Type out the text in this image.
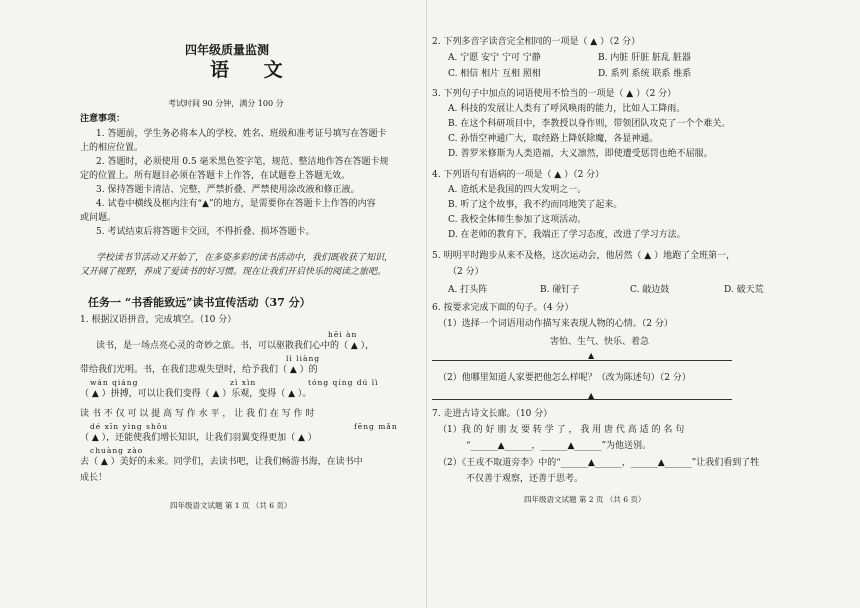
四年级质量监测
语 文
考试时间 90 分钟，满分 100 分
注意事项：
1. 答题前，学生务必将本人的学校、姓名、班级和准考证号填写在答题卡
上的相应位置。
2. 答题时，必须使用 0.5 毫米黑色签字笔，规范、整洁地作答在答题卡规
定的位置上。所有题目必须在答题卡上作答，在试题卷上答题无效。
3. 保持答题卡清洁、完整，严禁折叠、严禁使用涂改液和修正液。
4. 试卷中横线及框内注有“▲”的地方，是需要你在答题卡上作答的内容
或问题。
5. 考试结束后将答题卡交回，不得折叠、损坏答题卡。
学校读书节活动又开始了，在多姿多彩的读书活动中，我们既收获了知识，
又开阔了视野，养成了爱读书的好习惯。现在让我们开启快乐的阅读之旅吧。
任务一 “书香能致远”读书宣传活动（37 分）
1. 根据汉语拼音，完成填空。（10 分）
hēi àn
读书，是一场点亮心灵的奇妙之旅。书，可以驱散我们心中的（ ▲ ），
lì liàng
带给我们光明。书，在我们悲观失望时，给予我们（ ▲ ）的
wán qiáng	zì xìn	tóng qíng dú lì
（ ▲ ）拼搏，可以让我们变得（ ▲ ）乐观，变得（ ▲ ）。
读 书 不 仅 可 以 提 高 写 作 水 平 ， 让 我 们 在 写 作 时
dé xīn yìng shǒu	fēng mǎn
（ ▲ ），还能使我们增长知识，让我们羽翼变得更加（ ▲ ）
chuàng zào
去（ ▲ ）美好的未来。同学们，去读书吧，让我们畅游书海，在读书中
成长！
四年级语文试题 第 1 页 （共 6 页）
2. 下列多音字读音完全相同的一项是（ ▲ ）（2 分）
A. 宁愿 安宁 宁可 宁静	B. 内脏 肝脏 脏乱 脏器
C. 相信 相片 互相 照相	D. 系列 系统 联系 维系
3. 下列句子中加点的词语使用不恰当的一项是（ ▲ ）（2 分）
A. 科技的发展让人类有了呼风唤雨的能力，比如人工降雨。
B. 在这个科研项目中，李教授以身作则，带领团队攻克了一个个难关。
C. 孙悟空神通广大，取经路上降妖除魔，各显神通。
D. 普罗米修斯为人类造福，大义凛然，即使遭受惩罚也绝不屈服。
4. 下列语句有语病的一项是（ ▲ ）（2 分）
A. 造纸术是我国的四大发明之一。
B. 听了这个故事，我不约而同地笑了起来。
C. 我校全体师生参加了这项活动。
D. 在老师的教育下，我端正了学习态度，改进了学习方法。
5. 明明平时跑步从来不及格，这次运动会，他居然（ ▲ ）地跑了全班第一，
（2 分）
A. 打头阵	B. 碰钉子	C. 敲边鼓	D. 破天荒
6. 按要求完成下面的句子。（4 分）
（1）选择一个词语用动作描写来表现人物的心情。（2 分）
害怕、生气、快乐、着急
▲
（2）他哪里知道人家要把他怎么样呢？（改为陈述句）（2 分）
▲
7. 走进古诗文长廊。（10 分）
（1）我 的 好 朋 友 要 转 学 了 ， 我 用 唐 代 高 适 的 名 句
“______▲______，______▲______”为他送别。
（2）《王戎不取道旁李》中的“______▲______，______▲______”让我们看到了牲
不仅善于观察，还善于思考。
四年级语文试题 第 2 页 （共 6 页）
